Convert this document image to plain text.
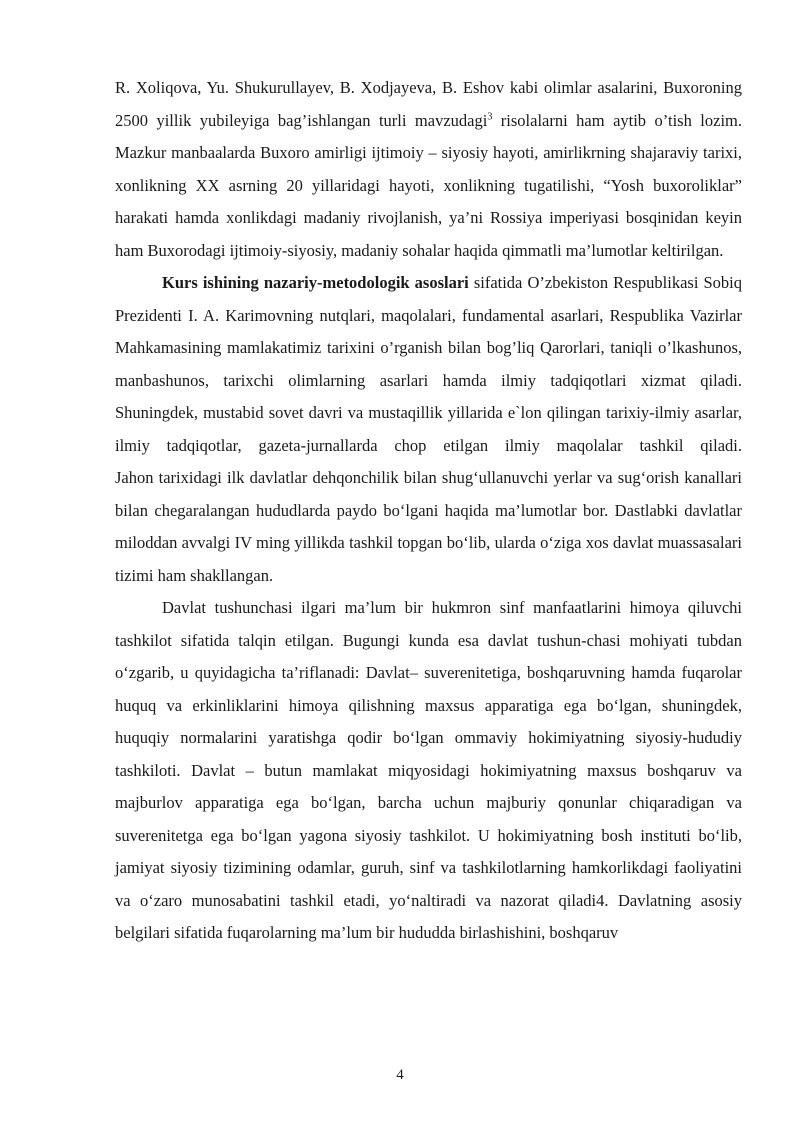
R. Xoliqova, Yu. Shukurullayev, B. Xodjayeva, B. Eshov kabi olimlar asalarini, Buxoroning 2500 yillik yubileyiga bag’ishlangan turli mavzudagi$^3$ risolalarni ham aytib o’tish lozim. Mazkur manbaalarda Buxoro amirligi ijtimoiy – siyosiy hayoti, amirlikrning shajaraviy tarixi, xonlikning XX asrning 20 yillaridagi hayoti, xonlikning tugatilishi, “Yosh buxoroliklar” harakati hamda xonlikdagi madaniy rivojlanish, ya’ni Rossiya imperiyasi bosqinidan keyin ham Buxorodagi ijtimoiy-siyosiy, madaniy sohalar haqida qimmatli ma’lumotlar keltirilgan.

Kurs ishining nazariy-metodologik asoslari sifatida O’zbekiston Respublikasi Sobiq Prezidenti I. A. Karimovning nutqlari, maqolalari, fundamental asarlari, Respublika Vazirlar Mahkamasining mamlakatimiz tarixini o’rganish bilan bog’liq Qarorlari, taniqli o’lkashunos, manbashunos, tarixchi olimlarning asarlari hamda ilmiy tadqiqotlari xizmat qiladi. Shuningdek, mustabid sovet davri va mustaqillik yillarida e`lon qilingan tarixiy-ilmiy asarlar, ilmiy tadqiqotlar, gazeta-jurnallarda chop etilgan ilmiy maqolalar tashkil qiladi.

Jahon tarixidagi ilk davlatlar dehqonchilik bilan shug‘ullanuvchi yerlar va sug‘orish kanallari bilan chegaralangan hududlarda paydo bo‘lgani haqida ma’lumotlar bor. Dastlabki davlatlar miloddan avvalgi IV ming yillikda tashkil topgan bo‘lib, ularda o‘ziga xos davlat muassasalari tizimi ham shakllangan.

Davlat tushunchasi ilgari ma’lum bir hukmron sinf manfaatlarini himoya qiluvchi tashkilot sifatida talqin etilgan. Bugungi kunda esa davlat tushun-chasi mohiyati tubdan o‘zgarib, u quyidagicha ta’riflanadi: Davlat– suverenitetiga, boshqaruvning hamda fuqarolar huquq va erkinliklarini himoya qilishning maxsus apparatiga ega bo‘lgan, shuningdek, huquqiy normalarini yaratishga qodir bo‘lgan ommaviy hokimiyatning siyosiy-hududiy tashkiloti. Davlat – butun mamlakat miqyosidagi hokimiyatning maxsus boshqaruv va majburlov apparatiga ega bo‘lgan, barcha uchun majburiy qonunlar chiqaradigan va suverenitetga ega bo‘lgan yagona siyosiy tashkilot. U hokimiyatning bosh instituti bo‘lib, jamiyat siyosiy tizimining odamlar, guruh, sinf va tashkilotlarning hamkorlikdagi faoliyatini va o‘zaro munosabatini tashkil etadi, yo‘naltiradi va nazorat qiladi4. Davlatning asosiy belgilari sifatida fuqarolarning ma’lum bir hududda birlashishini, boshqaruv

4
